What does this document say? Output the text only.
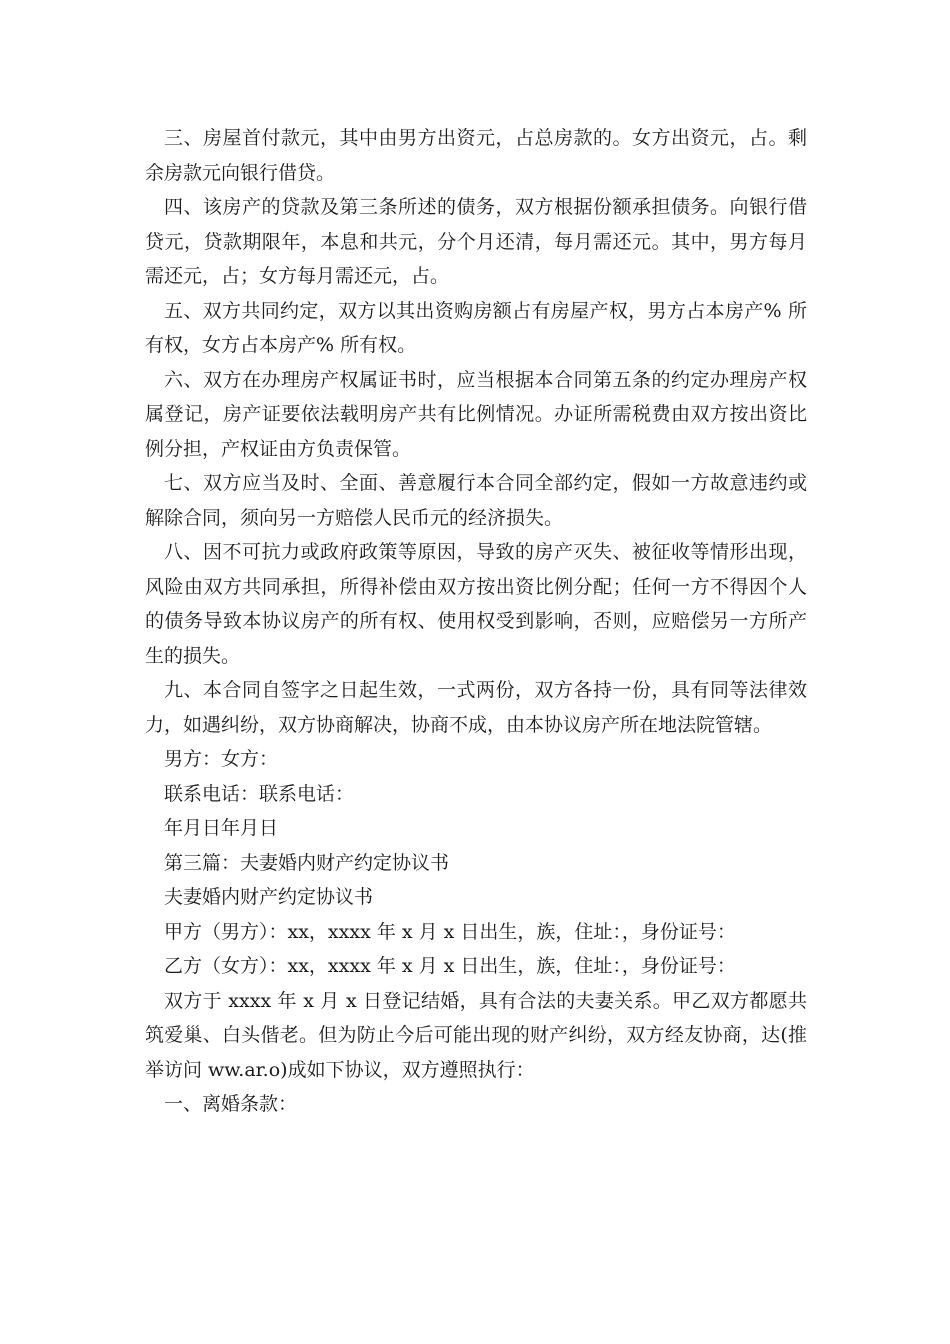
三、房屋首付款元，其中由男方出资元，占总房款的。女方出资元，占。剩余房款元向银行借贷。

四、该房产的贷款及第三条所述的债务，双方根据份额承担债务。向银行借贷元，贷款期限年，本息和共元，分个月还清，每月需还元。其中，男方每月需还元，占；女方每月需还元，占。

五、双方共同约定，双方以其出资购房额占有房屋产权，男方占本房产% 所有权，女方占本房产% 所有权。

六、双方在办理房产权属证书时，应当根据本合同第五条的约定办理房产权属登记，房产证要依法载明房产共有比例情况。办证所需税费由双方按出资比例分担，产权证由方负责保管。

七、双方应当及时、全面、善意履行本合同全部约定，假如一方故意违约或解除合同，须向另一方赔偿人民币元的经济损失。

八、因不可抗力或政府政策等原因，导致的房产灭失、被征收等情形出现，风险由双方共同承担，所得补偿由双方按出资比例分配；任何一方不得因个人的债务导致本协议房产的所有权、使用权受到影响，否则，应赔偿另一方所产生的损失。

九、本合同自签字之日起生效，一式两份，双方各持一份，具有同等法律效力，如遇纠纷，双方协商解决，协商不成，由本协议房产所在地法院管辖。

男方：女方：

联系电话：联系电话：

年月日年月日

第三篇：夫妻婚内财产约定协议书

夫妻婚内财产约定协议书

甲方（男方）：xx，xxxx 年 x 月 x 日出生，族，住址：，身份证号：

乙方（女方）：xx，xxxx 年 x 月 x 日出生，族，住址：，身份证号：

双方于 xxxx 年 x 月 x 日登记结婚，具有合法的夫妻关系。甲乙双方都愿共筑爱巢、白头偕老。但为防止今后可能出现的财产纠纷，双方经友协商，达(推举访问 ww.ar.o)成如下协议，双方遵照执行：

一、离婚条款：
